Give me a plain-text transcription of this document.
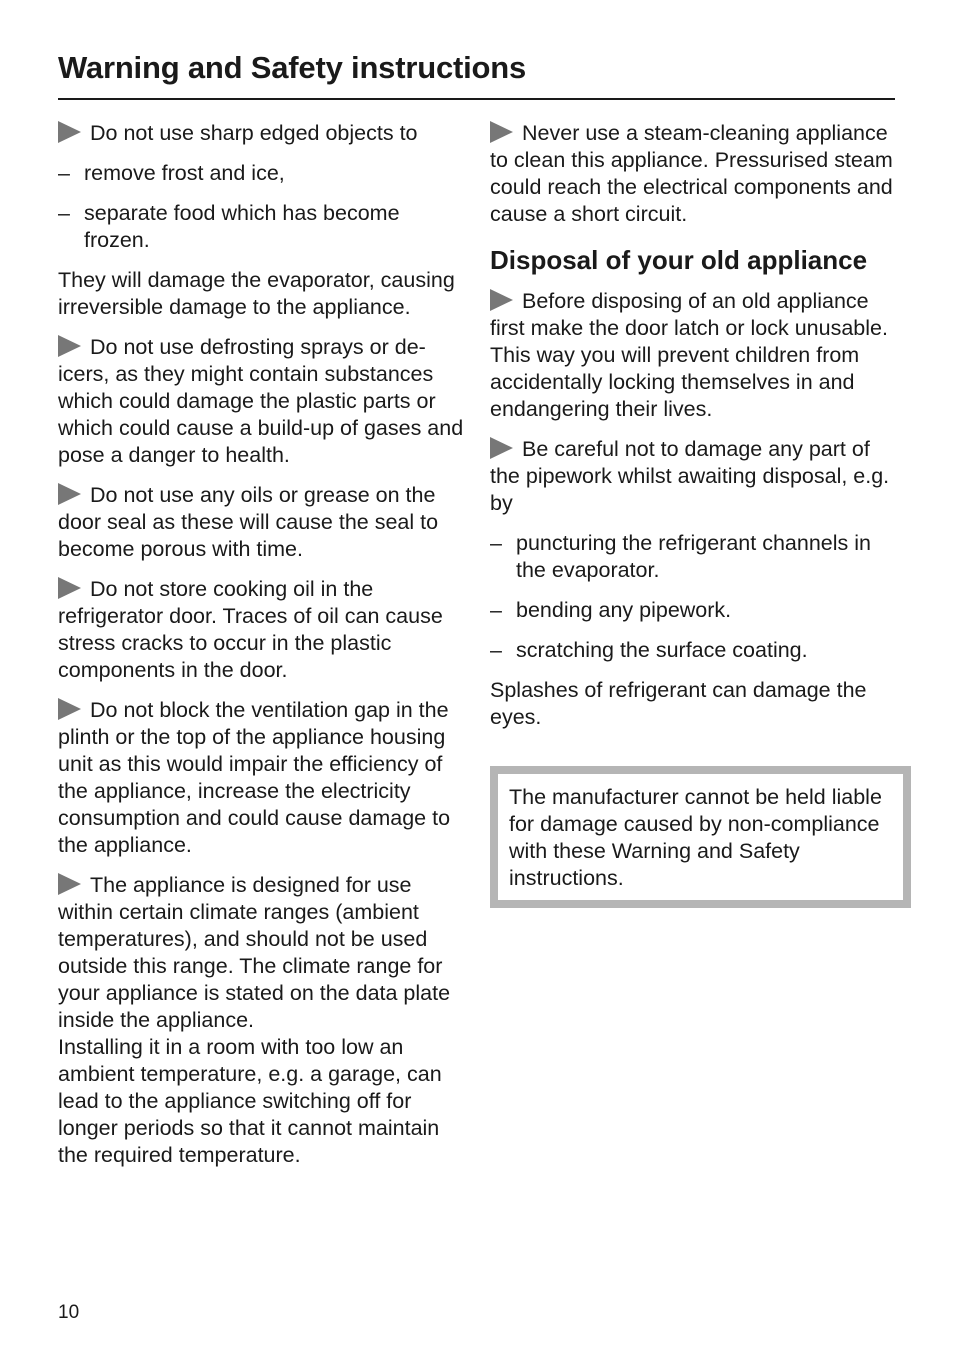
Warning and Safety instructions

Do not use sharp edged objects to

– remove frost and ice,
– separate food which has become frozen.

They will damage the evaporator, causing irreversible damage to the appliance.

Do not use defrosting sprays or de-icers, as they might contain substances which could damage the plastic parts or which could cause a build-up of gases and pose a danger to health.

Do not use any oils or grease on the door seal as these will cause the seal to become porous with time.

Do not store cooking oil in the refrigerator door. Traces of oil can cause stress cracks to occur in the plastic components in the door.

Do not block the ventilation gap in the plinth or the top of the appliance housing unit as this would impair the efficiency of the appliance, increase the electricity consumption and could cause damage to the appliance.

The appliance is designed for use within certain climate ranges (ambient temperatures), and should not be used outside this range. The climate range for your appliance is stated on the data plate inside the appliance.
Installing it in a room with too low an ambient temperature, e.g. a garage, can lead to the appliance switching off for longer periods so that it cannot maintain the required temperature.

Never use a steam-cleaning appliance to clean this appliance. Pressurised steam could reach the electrical components and cause a short circuit.

Disposal of your old appliance

Before disposing of an old appliance first make the door latch or lock unusable.
This way you will prevent children from accidentally locking themselves in and endangering their lives.

Be careful not to damage any part of the pipework whilst awaiting disposal, e.g. by

– puncturing the refrigerant channels in the evaporator.
– bending any pipework.
– scratching the surface coating.

Splashes of refrigerant can damage the eyes.

The manufacturer cannot be held liable for damage caused by non-compliance with these Warning and Safety instructions.

10
